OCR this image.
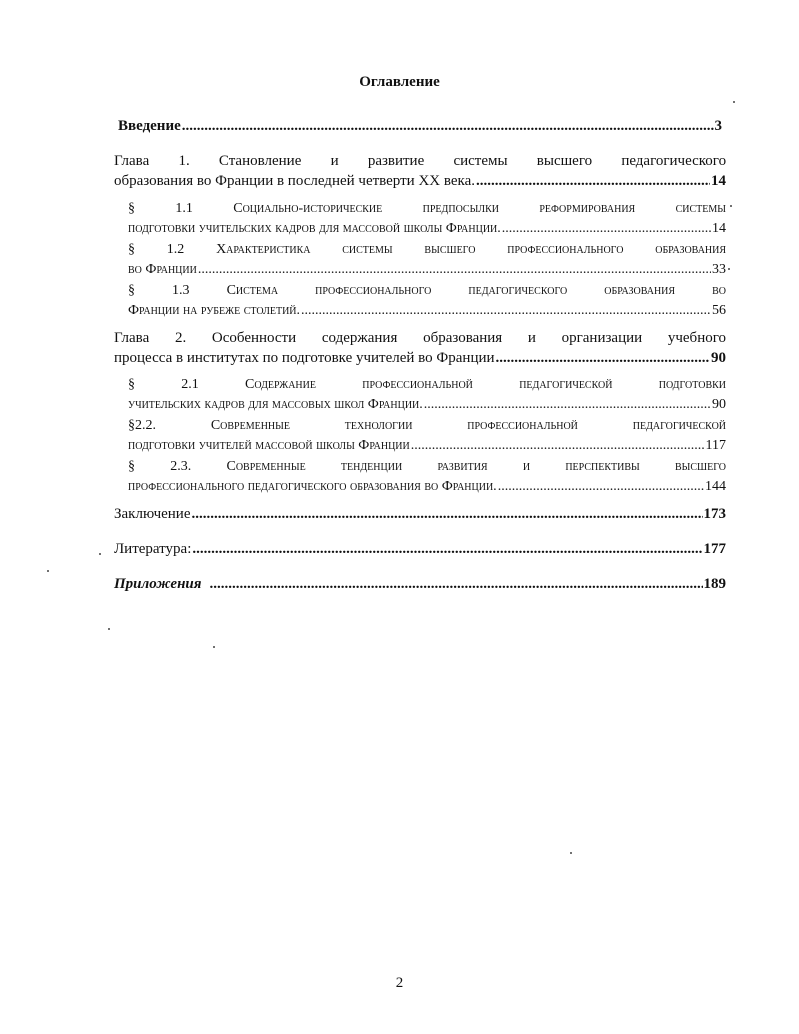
Оглавление
Введение .....	3
Глава 1. Становление и развитие системы высшего педагогического
образования во Франции в последней четверти XX века. .....	14
§	1.1	Социально-исторические	предпосылки	реформирования	системы
подготовки учительских кадров для массовой школы Франции. .....	14
§ 1.2 Характеристика системы высшего профессионального образования
во Франции .....	33
§	1.3	Система	профессионального	педагогического	образования	во
Франции на рубеже столетий. .....	56
Глава 2. Особенности содержания образования и организации учебного
процесса в институтах по подготовке учителей во Франции .....	90
§	2.1	Содержание	профессиональной	педагогической	подготовки
учительских кадров для массовых школ Франции. .....	90
§2.2.	Современные	технологии	профессиональной	педагогической
подготовки учителей массовой школы Франции .....	117
§	2.3.	Современные	тенденции	развития	и	перспективы	высшего
профессионального педагогического образования во Франции. .....	144
Заключение .....	173
Литература: .....	177
Приложения .....	189
2
